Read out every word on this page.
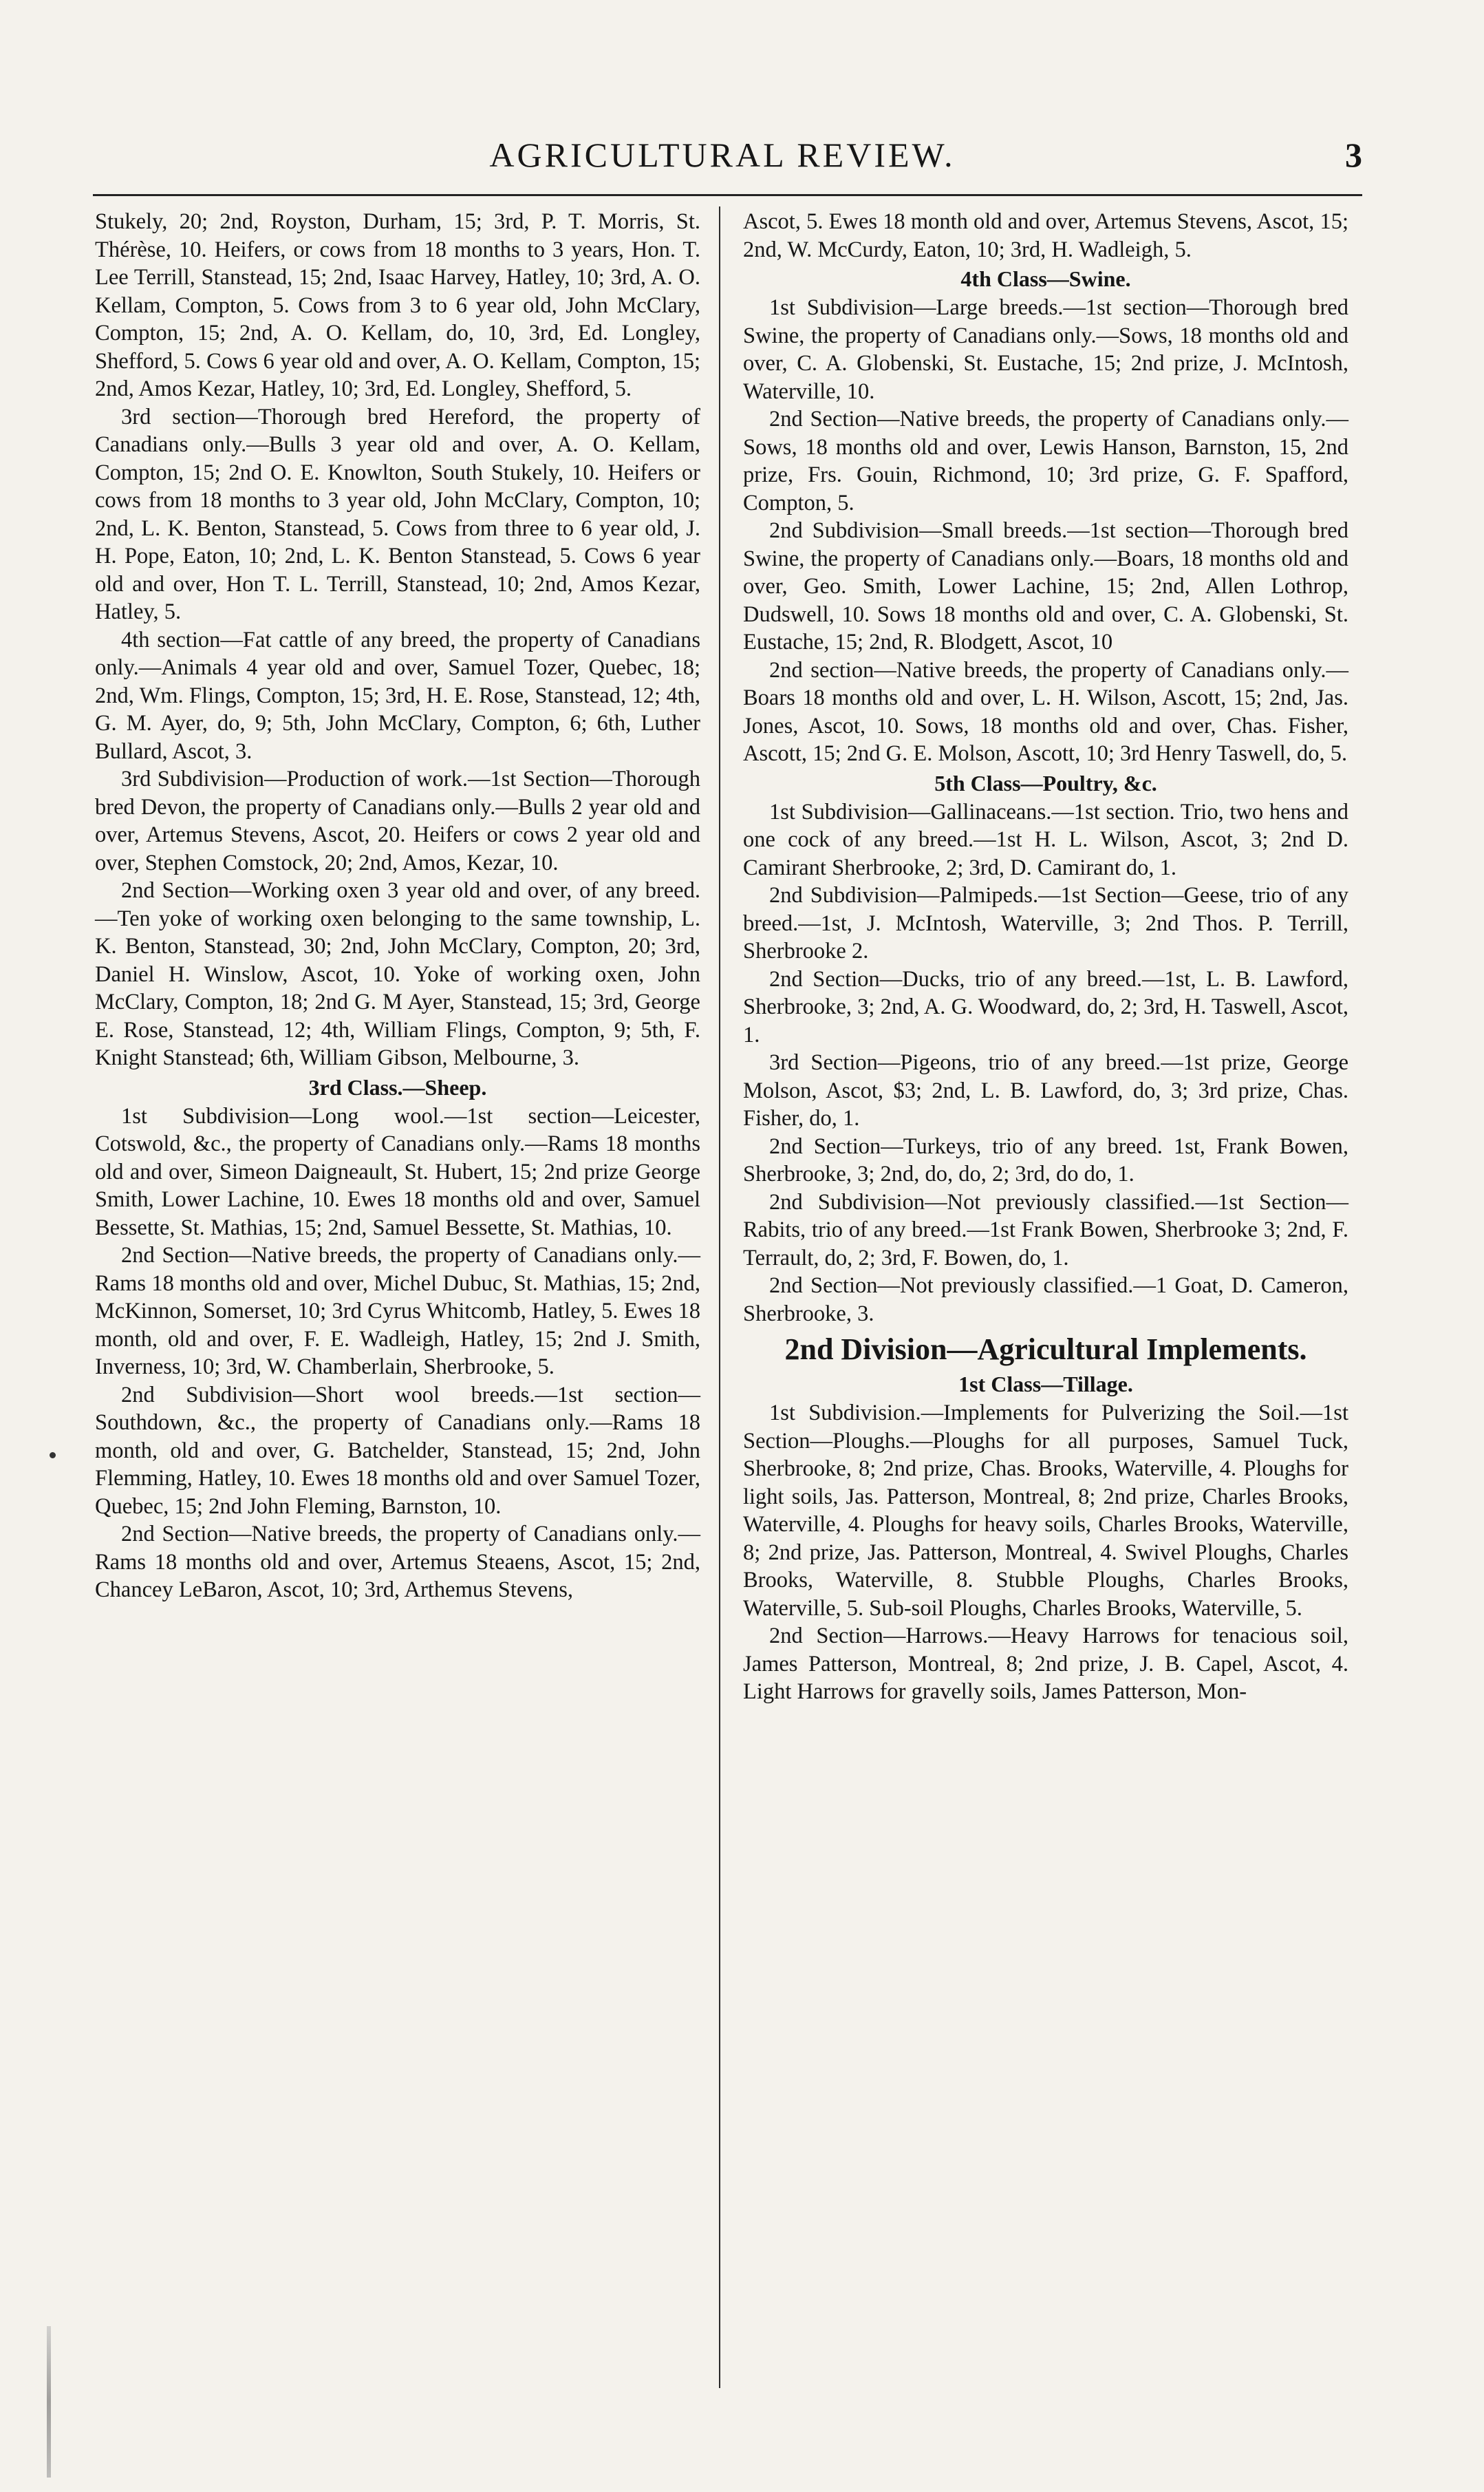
AGRICULTURAL REVIEW.	3

Stukely, 20; 2nd, Royston, Durham, 15; 3rd, P. T. Morris, St. Thérèse, 10. Heifers, or cows from 18 months to 3 years, Hon. T. Lee Terrill, Stanstead, 15; 2nd, Isaac Harvey, Hatley, 10; 3rd, A. O. Kellam, Compton, 5. Cows from 3 to 6 year old, John McClary, Compton, 15; 2nd, A. O. Kellam, do, 10, 3rd, Ed. Longley, Shefford, 5. Cows 6 year old and over, A. O. Kellam, Compton, 15; 2nd, Amos Kezar, Hatley, 10; 3rd, Ed. Longley, Shefford, 5.

3rd section—Thorough bred Hereford, the property of Canadians only.—Bulls 3 year old and over, A. O. Kellam, Compton, 15; 2nd O. E. Knowlton, South Stukely, 10. Heifers or cows from 18 months to 3 year old, John McClary, Compton, 10; 2nd, L. K. Benton, Stanstead, 5. Cows from three to 6 year old, J. H. Pope, Eaton, 10; 2nd, L. K. Benton Stanstead, 5. Cows 6 year old and over, Hon T. L. Terrill, Stanstead, 10; 2nd, Amos Kezar, Hatley, 5.

4th section—Fat cattle of any breed, the property of Canadians only.—Animals 4 year old and over, Samuel Tozer, Quebec, 18; 2nd, Wm. Flings, Compton, 15; 3rd, H. E. Rose, Stanstead, 12; 4th, G. M. Ayer, do, 9; 5th, John McClary, Compton, 6; 6th, Luther Bullard, Ascot, 3.

3rd Subdivision—Production of work.—1st Section—Thorough bred Devon, the property of Canadians only.—Bulls 2 year old and over, Artemus Stevens, Ascot, 20. Heifers or cows 2 year old and over, Stephen Comstock, 20; 2nd, Amos, Kezar, 10.

2nd Section—Working oxen 3 year old and over, of any breed.—Ten yoke of working oxen belonging to the same township, L. K. Benton, Stanstead, 30; 2nd, John McClary, Compton, 20; 3rd, Daniel H. Winslow, Ascot, 10. Yoke of working oxen, John McClary, Compton, 18; 2nd G. M Ayer, Stanstead, 15; 3rd, George E. Rose, Stanstead, 12; 4th, William Flings, Compton, 9; 5th, F. Knight Stanstead; 6th, William Gibson, Melbourne, 3.

3rd Class.—Sheep.

1st Subdivision—Long wool.—1st section—Leicester, Cotswold, &c., the property of Canadians only.—Rams 18 months old and over, Simeon Daigneault, St. Hubert, 15; 2nd prize George Smith, Lower Lachine, 10. Ewes 18 months old and over, Samuel Bessette, St. Mathias, 15; 2nd, Samuel Bessette, St. Mathias, 10.

2nd Section—Native breeds, the property of Canadians only.—Rams 18 months old and over, Michel Dubuc, St. Mathias, 15; 2nd, McKinnon, Somerset, 10; 3rd Cyrus Whitcomb, Hatley, 5. Ewes 18 month, old and over, F. E. Wadleigh, Hatley, 15; 2nd J. Smith, Inverness, 10; 3rd, W. Chamberlain, Sherbrooke, 5.

2nd Subdivision—Short wool breeds.—1st section—Southdown, &c., the property of Canadians only.—Rams 18 month, old and over, G. Batchelder, Stanstead, 15; 2nd, John Flemming, Hatley, 10. Ewes 18 months old and over Samuel Tozer, Quebec, 15; 2nd John Fleming, Barnston, 10.

2nd Section—Native breeds, the property of Canadians only.—Rams 18 months old and over, Artemus Steaens, Ascot, 15; 2nd, Chancey LeBaron, Ascot, 10; 3rd, Arthemus Stevens,

Ascot, 5. Ewes 18 month old and over, Artemus Stevens, Ascot, 15; 2nd, W. McCurdy, Eaton, 10; 3rd, H. Wadleigh, 5.

4th Class—Swine.

1st Subdivision—Large breeds.—1st section—Thorough bred Swine, the property of Canadians only.—Sows, 18 months old and over, C. A. Globenski, St. Eustache, 15; 2nd prize, J. McIntosh, Waterville, 10.

2nd Section—Native breeds, the property of Canadians only.—Sows, 18 months old and over, Lewis Hanson, Barnston, 15, 2nd prize, Frs. Gouin, Richmond, 10; 3rd prize, G. F. Spafford, Compton, 5.

2nd Subdivision—Small breeds.—1st section—Thorough bred Swine, the property of Canadians only.—Boars, 18 months old and over, Geo. Smith, Lower Lachine, 15; 2nd, Allen Lothrop, Dudswell, 10. Sows 18 months old and over, C. A. Globenski, St. Eustache, 15; 2nd, R. Blodgett, Ascot, 10

2nd section—Native breeds, the property of Canadians only.—Boars 18 months old and over, L. H. Wilson, Ascott, 15; 2nd, Jas. Jones, Ascot, 10. Sows, 18 months old and over, Chas. Fisher, Ascott, 15; 2nd G. E. Molson, Ascott, 10; 3rd Henry Taswell, do, 5.

5th Class—Poultry, &c.

1st Subdivision—Gallinaceans.—1st section. Trio, two hens and one cock of any breed.—1st H. L. Wilson, Ascot, 3; 2nd D. Camirant Sherbrooke, 2; 3rd, D. Camirant do, 1.

2nd Subdivision—Palmipeds.—1st Section—Geese, trio of any breed.—1st, J. McIntosh, Waterville, 3; 2nd Thos. P. Terrill, Sherbrooke 2.

2nd Section—Ducks, trio of any breed.—1st, L. B. Lawford, Sherbrooke, 3; 2nd, A. G. Woodward, do, 2; 3rd, H. Taswell, Ascot, 1.

3rd Section—Pigeons, trio of any breed.—1st prize, George Molson, Ascot, $3; 2nd, L. B. Lawford, do, 3; 3rd prize, Chas. Fisher, do, 1.

2nd Section—Turkeys, trio of any breed. 1st, Frank Bowen, Sherbrooke, 3; 2nd, do, do, 2; 3rd, do do, 1.

2nd Subdivision—Not previously classified.—1st Section—Rabits, trio of any breed.—1st Frank Bowen, Sherbrooke 3; 2nd, F. Terrault, do, 2; 3rd, F. Bowen, do, 1.

2nd Section—Not previously classified.—1 Goat, D. Cameron, Sherbrooke, 3.

2nd Division—Agricultural Implements.
1st Class—Tillage.

1st Subdivision.—Implements for Pulverizing the Soil.—1st Section—Ploughs.—Ploughs for all purposes, Samuel Tuck, Sherbrooke, 8; 2nd prize, Chas. Brooks, Waterville, 4. Ploughs for light soils, Jas. Patterson, Montreal, 8; 2nd prize, Charles Brooks, Waterville, 4. Ploughs for heavy soils, Charles Brooks, Waterville, 8; 2nd prize, Jas. Patterson, Montreal, 4. Swivel Ploughs, Charles Brooks, Waterville, 8. Stubble Ploughs, Charles Brooks, Waterville, 5. Sub-soil Ploughs, Charles Brooks, Waterville, 5.

2nd Section—Harrows.—Heavy Harrows for tenacious soil, James Patterson, Montreal, 8; 2nd prize, J. B. Capel, Ascot, 4. Light Harrows for gravelly soils, James Patterson, Mon-
